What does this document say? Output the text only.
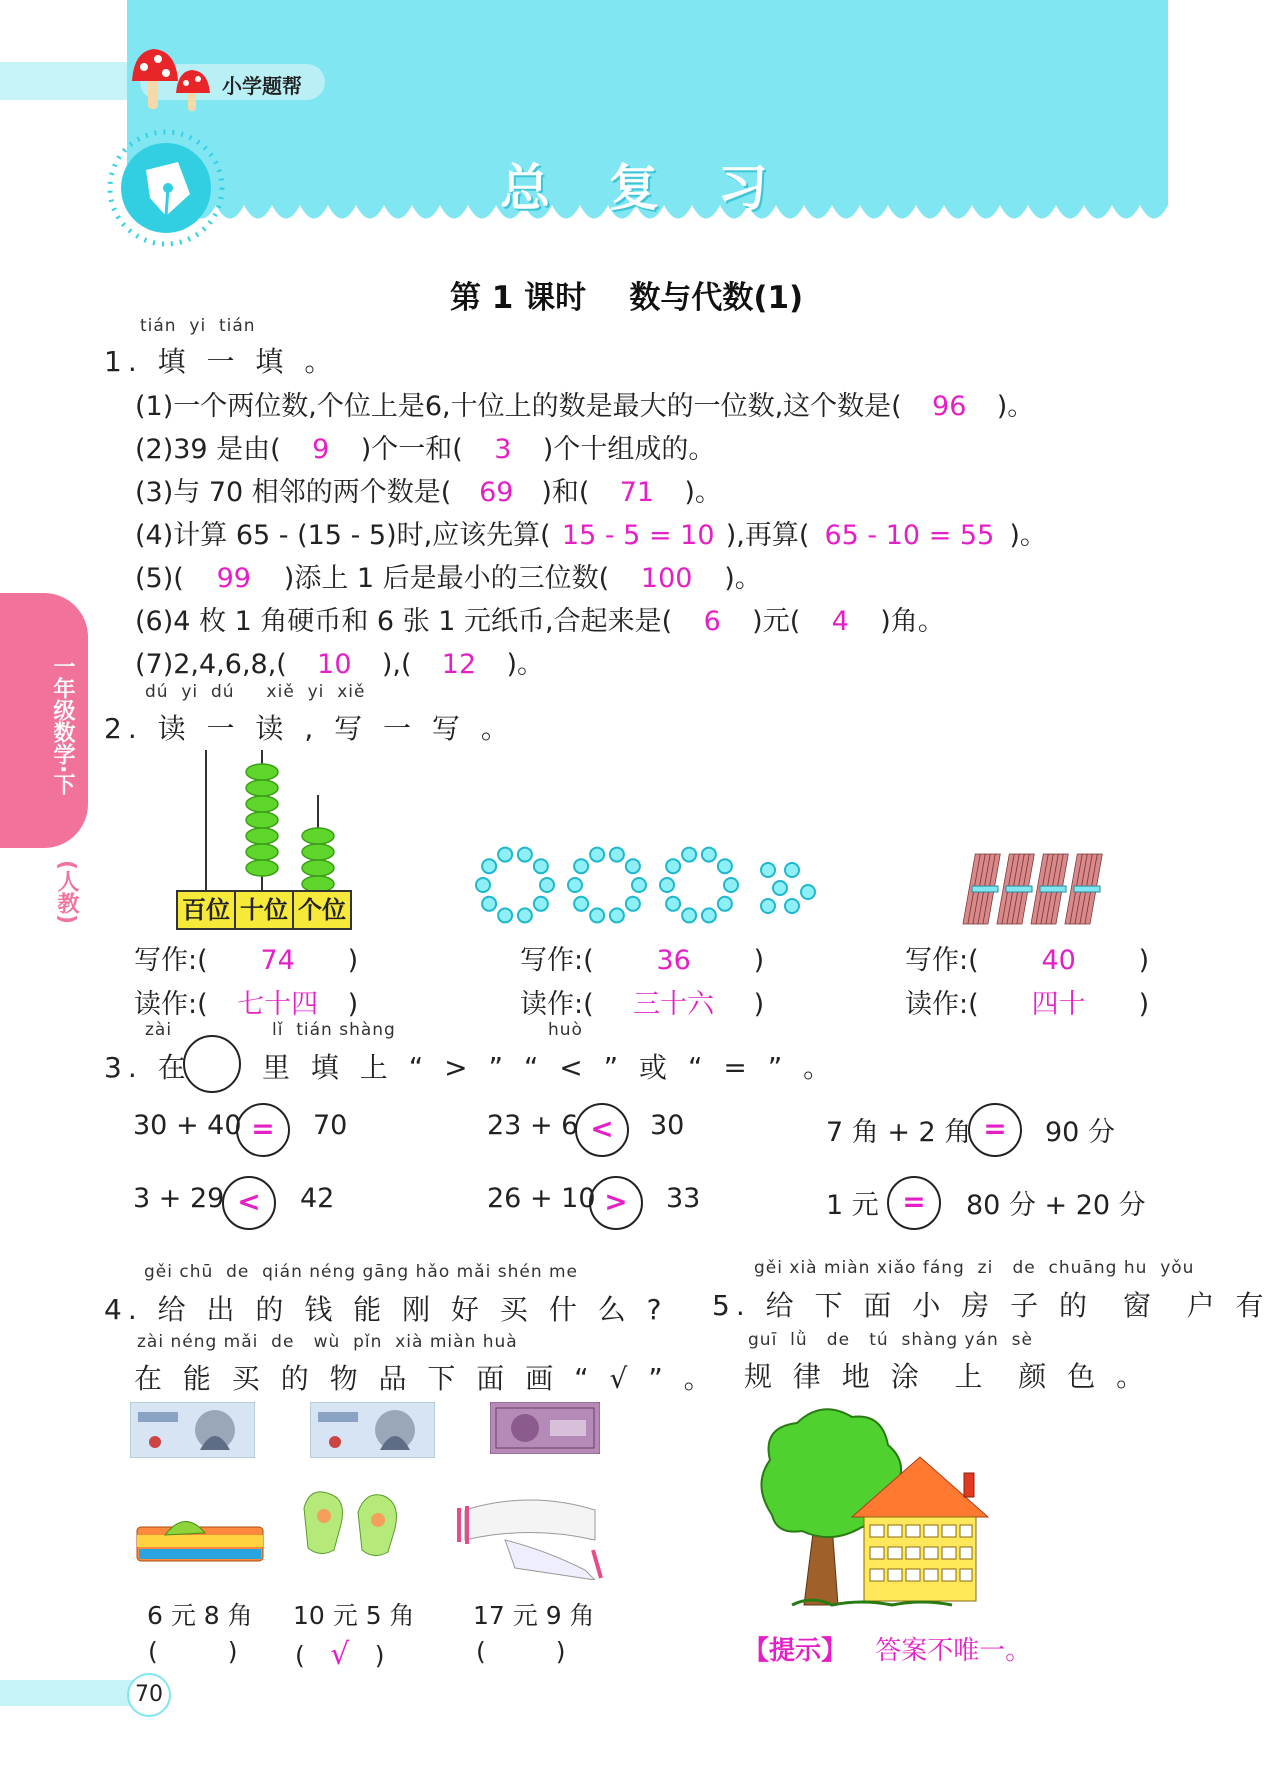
小学题帮
总  复  习
第 1 课时    数与代数(1)
一年级数学·下
(人教)
tián  yi  tián
1. 填 一 填 。
(1)一个两位数,个位上是6,十位上的数是最大的一位数,这个数是( 96 )。
(2)39 是由( 9 )个一和( 3 )个十组成的。
(3)与 70 相邻的两个数是( 69 )和( 71 )。
(4)计算 65 - (15 - 5)时,应该先算( 15 - 5 = 10 ),再算( 65 - 10 = 55 )。
(5)( 99 )添上 1 后是最小的三位数( 100 )。
(6)4 枚 1 角硬币和 6 张 1 元纸币,合起来是( 6 )元( 4 )角。
(7)2,4,6,8,( 10 ),( 12 )。
dú  yi  dú     xiě  yi  xiě
2. 读 一 读 , 写 一 写 。
百位 十位 个位
写作:( 74 )
读作:( 七十四 )
写作:( 36 )
读作:( 三十六 )
写作:( 40 )
读作:( 四十 )
zài	lǐ  tián shàng	huò
3. 在	里 填 上 “ > ” “ < ” 或 “ = ” 。
30 + 40 =	70	23 + 6 <	30	7 角 + 2 角 =	90 分
3 + 29 <	42	26 + 10 >	33	1 元 =	80 分 + 20 分
gěi chū  de  qián néng gāng hǎo mǎi shén me
4. 给 出 的 钱 能 刚 好 买 什 么 ?
zài néng mǎi  de   wù  pǐn  xià miàn huà
在 能 买 的 物 品 下 面 画 “ √ ” 。
6 元 8 角 10 元 5 角 17 元 9 角
(	) ( √ )	(	)
gěi xià miàn xiǎo fáng  zi   de  chuāng hu  yǒu
5. 给 下 面 小 房 子 的  窗  户 有
guī  lǜ   de   tú  shàng yán  sè
规 律 地 涂  上  颜 色 。
【提示】 答案不唯一。
70
